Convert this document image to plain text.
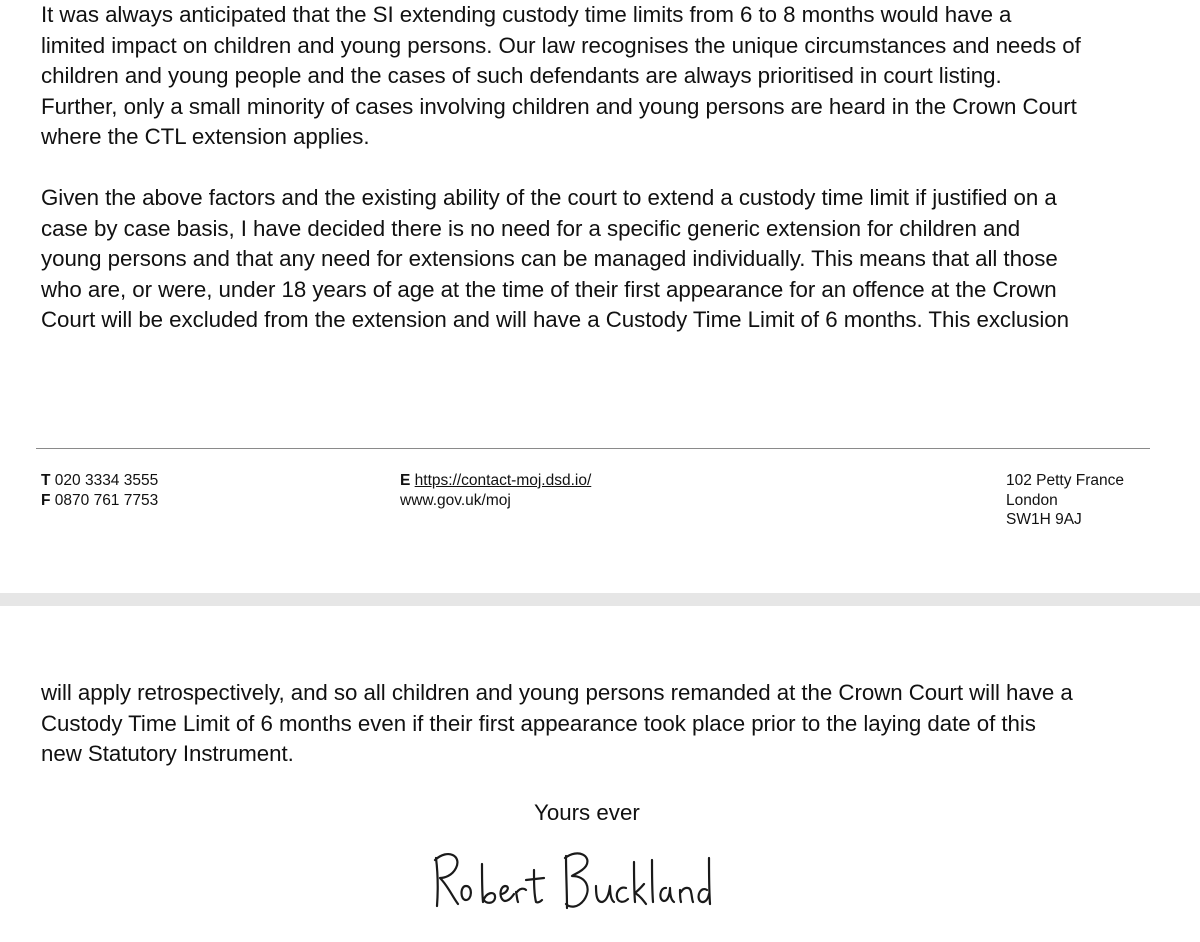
It was always anticipated that the SI extending custody time limits from 6 to 8 months would have a
limited impact on children and young persons. Our law recognises the unique circumstances and needs of
children and young people and the cases of such defendants are always prioritised in court listing.
Further, only a small minority of cases involving children and young persons are heard in the Crown Court
where the CTL extension applies.

Given the above factors and the existing ability of the court to extend a custody time limit if justified on a
case by case basis, I have decided there is no need for a specific generic extension for children and
young persons and that any need for extensions can be managed individually. This means that all those
who are, or were, under 18 years of age at the time of their first appearance for an offence at the Crown
Court will be excluded from the extension and will have a Custody Time Limit of 6 months. This exclusion

T 020 3334 3555
F 0870 761 7753
E https://contact-moj.dsd.io/
www.gov.uk/moj
102 Petty France
London
SW1H 9AJ

will apply retrospectively, and so all children and young persons remanded at the Crown Court will have a
Custody Time Limit of 6 months even if their first appearance took place prior to the laying date of this
new Statutory Instrument.

Yours ever
